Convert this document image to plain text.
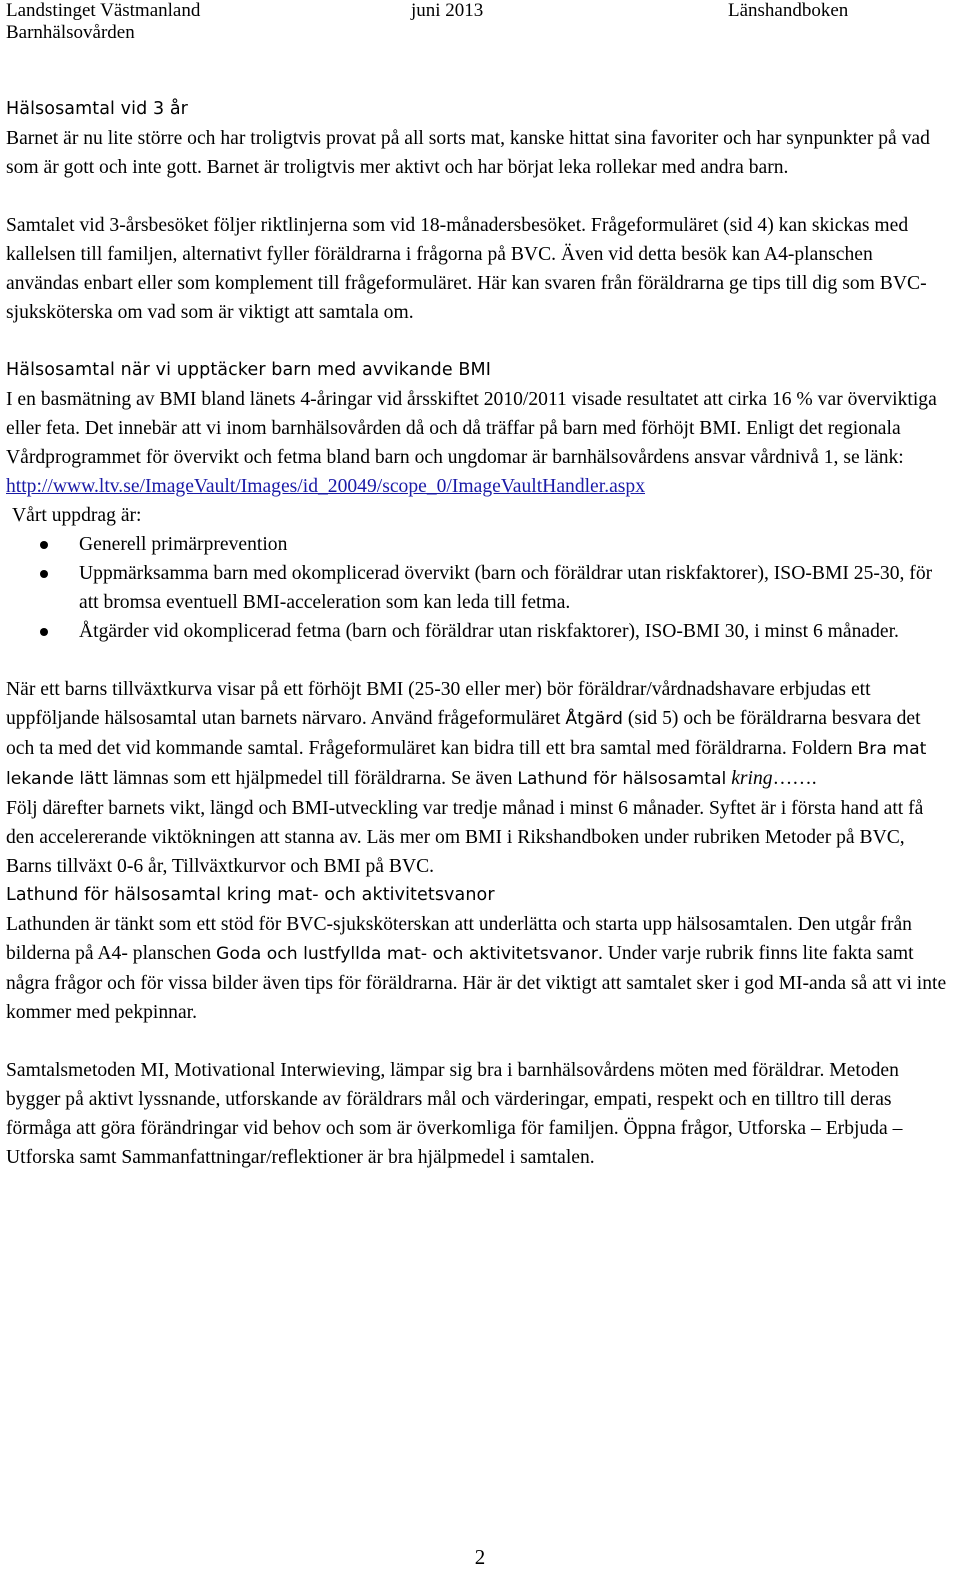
Landstinget Västmanland
Barnhälsovården
juni 2013	Länshandboken

Hälsosamtal vid 3 år

Barnet är nu lite större och har troligtvis provat på all sorts mat, kanske hittat sina favoriter och har synpunkter på vad som är gott och inte gott. Barnet är troligtvis mer aktivt och har börjat leka rollekar med andra barn.

Samtalet vid 3-årsbesöket följer riktlinjerna som vid 18-månadersbesöket. Frågeformuläret (sid 4) kan skickas med kallelsen till familjen, alternativt fyller föräldrarna i frågorna på BVC. Även vid detta besök kan A4-planschen användas enbart eller som komplement till frågeformuläret. Här kan svaren från föräldrarna ge tips till dig som BVC-sjuksköterska om vad som är viktigt att samtala om.

Hälsosamtal när vi upptäcker barn med avvikande BMI

I en basmätning av BMI bland länets 4-åringar vid årsskiftet 2010/2011 visade resultatet att cirka 16 % var överviktiga eller feta. Det innebär att vi inom barnhälsovården då och då träffar på barn med förhöjt BMI. Enligt det regionala Vårdprogrammet för övervikt och fetma bland barn och ungdomar är barnhälsovårdens ansvar vårdnivå 1, se länk:

http://www.ltv.se/ImageVault/Images/id_20049/scope_0/ImageVaultHandler.aspx

Vårt uppdrag är:

Generell primärprevention
Uppmärksamma barn med okomplicerad övervikt (barn och föräldrar utan riskfaktorer), ISO-BMI 25-30, för att bromsa eventuell BMI-acceleration som kan leda till fetma.
Åtgärder vid okomplicerad fetma (barn och föräldrar utan riskfaktorer), ISO-BMI 30, i minst 6 månader.

När ett barns tillväxtkurva visar på ett förhöjt BMI (25-30 eller mer) bör föräldrar/vårdnadshavare erbjudas ett uppföljande hälsosamtal utan barnets närvaro. Använd frågeformuläret Åtgärd (sid 5) och be föräldrarna besvara det och ta med det vid kommande samtal. Frågeformuläret kan bidra till ett bra samtal med föräldrarna. Foldern Bra mat lekande lätt lämnas som ett hjälpmedel till föräldrarna. Se även Lathund för hälsosamtal kring…….

Följ därefter barnets vikt, längd och BMI-utveckling var tredje månad i minst 6 månader. Syftet är i första hand att få den accelererande viktökningen att stanna av. Läs mer om BMI i Rikshandboken under rubriken Metoder på BVC, Barns tillväxt 0-6 år, Tillväxtkurvor och BMI på BVC.

Lathund för hälsosamtal kring mat- och aktivitetsvanor

Lathunden är tänkt som ett stöd för BVC-sjuksköterskan att underlätta och starta upp hälsosamtalen. Den utgår från bilderna på A4- planschen Goda och lustfyllda mat- och aktivitetsvanor. Under varje rubrik finns lite fakta samt några frågor och för vissa bilder även tips för föräldrarna. Här är det viktigt att samtalet sker i god MI-anda så att vi inte kommer med pekpinnar.

Samtalsmetoden MI, Motivational Interwieving, lämpar sig bra i barnhälsovårdens möten med föräldrar. Metoden bygger på aktivt lyssnande, utforskande av föräldrars mål och värderingar, empati, respekt och en tilltro till deras förmåga att göra förändringar vid behov och som är överkomliga för familjen. Öppna frågor, Utforska – Erbjuda – Utforska samt Sammanfattningar/reflektioner är bra hjälpmedel i samtalen.

2
